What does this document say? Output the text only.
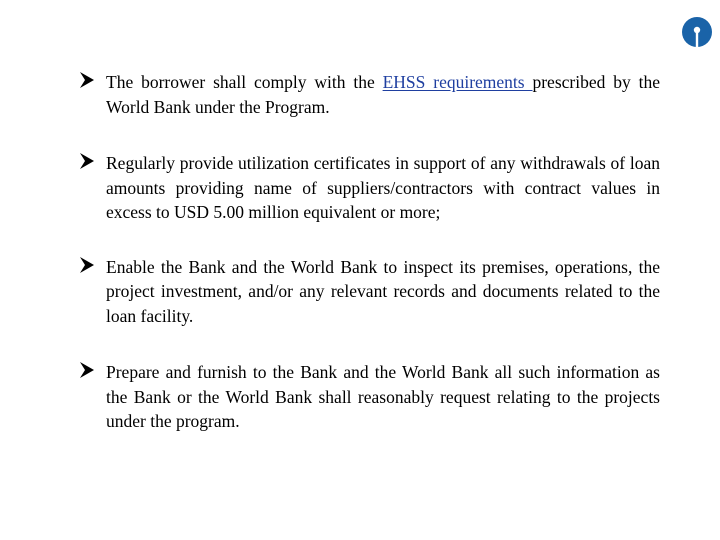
The borrower shall comply with the EHSS requirements prescribed by the World Bank under the Program.
Regularly provide utilization certificates in support of any withdrawals of loan amounts providing name of suppliers/contractors with contract values in excess to USD 5.00 million equivalent or more;
Enable the Bank and the World Bank to inspect its premises, operations, the project investment, and/or any relevant records and documents related to the loan facility.
Prepare and furnish to the Bank and the World Bank all such information as the Bank or the World Bank shall reasonably request relating to the projects under the program.
